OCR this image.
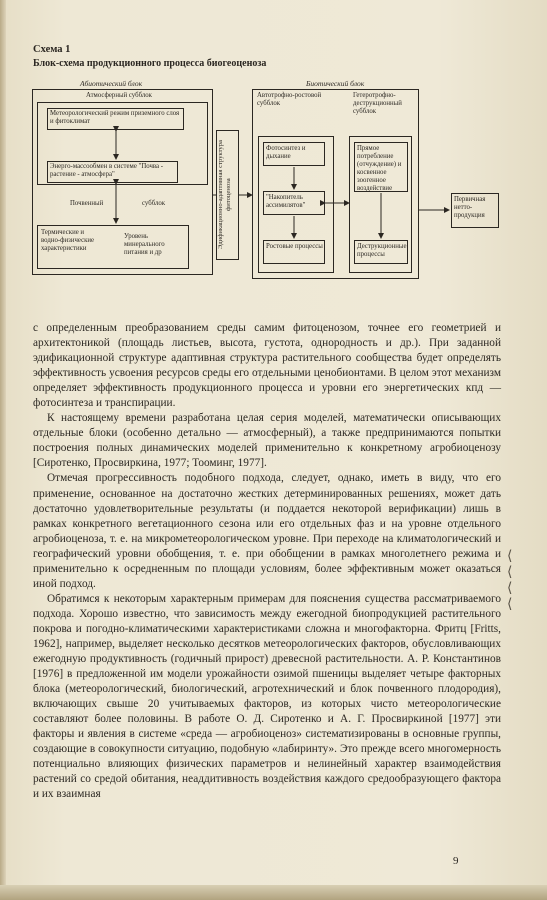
Схема 1
Блок-схема продукционного процесса биогеоценоза
Абиотический блок
Атмосферный субблок
Метеорологический режим приземного слоя и фитоклимат
Энерго-массообмен в системе "Почва - растение - атмосфера"
Почвенный	субблок
Термические и водно-физические характеристики
Уровень минерального питания и др
Эдификационно-адаптивная структура фитоценоза
Биотический блок
Автотрофно-ростовой субблок
Гетеротрофно-деструкционный субблок
Фотосинтез и дыхание
"Накопитель ассимилятов"
Ростовые процессы
Прямое потребление (отчуждение) и косвенное зоогенное воздействие
Деструкционные процессы
Первичная нетто-продукция

с определенным преобразованием среды самим фитоценозом, точнее его геометрией и архитектоникой (площадь листьев, высота, густота, однородность и др.). При заданной эдификационной структуре адаптивная структура растительного сообщества будет определять эффективность усвоения ресурсов среды его отдельными ценобионтами. В целом этот механизм определяет эффективность продукционного процесса и уровни его энергетических кпд — фотосинтеза и транспирации.

К настоящему времени разработана целая серия моделей, математически описывающих отдельные блоки (особенно детально — атмосферный), а также предпринимаются попытки построения полных динамических моделей применительно к конкретному агробиоценозу [Сиротенко, Просвиркина, 1977; Тооминг, 1977].

Отмечая прогрессивность подобного подхода, следует, однако, иметь в виду, что его применение, основанное на достаточно жестких детерминированных решениях, может дать достаточно удовлетворительные результаты (и поддается некоторой верификации) лишь в рамках конкретного вегетационного сезона или его отдельных фаз и на уровне отдельного агробиоценоза, т. е. на микрометеорологическом уровне. При переходе на климатологический и географический уровни обобщения, т. е. при обобщении в рамках многолетнего режима и применительно к осредненным по площади условиям, более эффективным может оказаться иной подход.

Обратимся к некоторым характерным примерам для пояснения существа рассматриваемого подхода. Хорошо известно, что зависимость между ежегодной биопродукцией растительного покрова и погодно-климатическими характеристиками сложна и многофакторна. Фритц [Fritts, 1962], например, выделяет несколько десятков метеорологических факторов, обусловливающих ежегодную продуктивность (годичный прирост) древесной растительности. А. Р. Константинов [1976] в предложенной им модели урожайности озимой пшеницы выделяет четыре факторных блока (метеорологический, биологический, агротехнический и блок почвенного плодородия), включающих свыше 20 учитываемых факторов, из которых чисто метеорологические составляют более половины. В работе О. Д. Сиротенко и А. Г. Просвиркиной [1977] эти факторы и явления в системе «среда — агробиоценоз» систематизированы в основные группы, создающие в совокупности ситуацию, подобную «лабиринту». Это прежде всего многомерность потенциально влияющих физических параметров и нелинейный характер взаимодействия растений со средой обитания, неаддитивность воздействия каждого средообразующего фактора и их взаимная

⟨
⟨
⟨
⟨
9
